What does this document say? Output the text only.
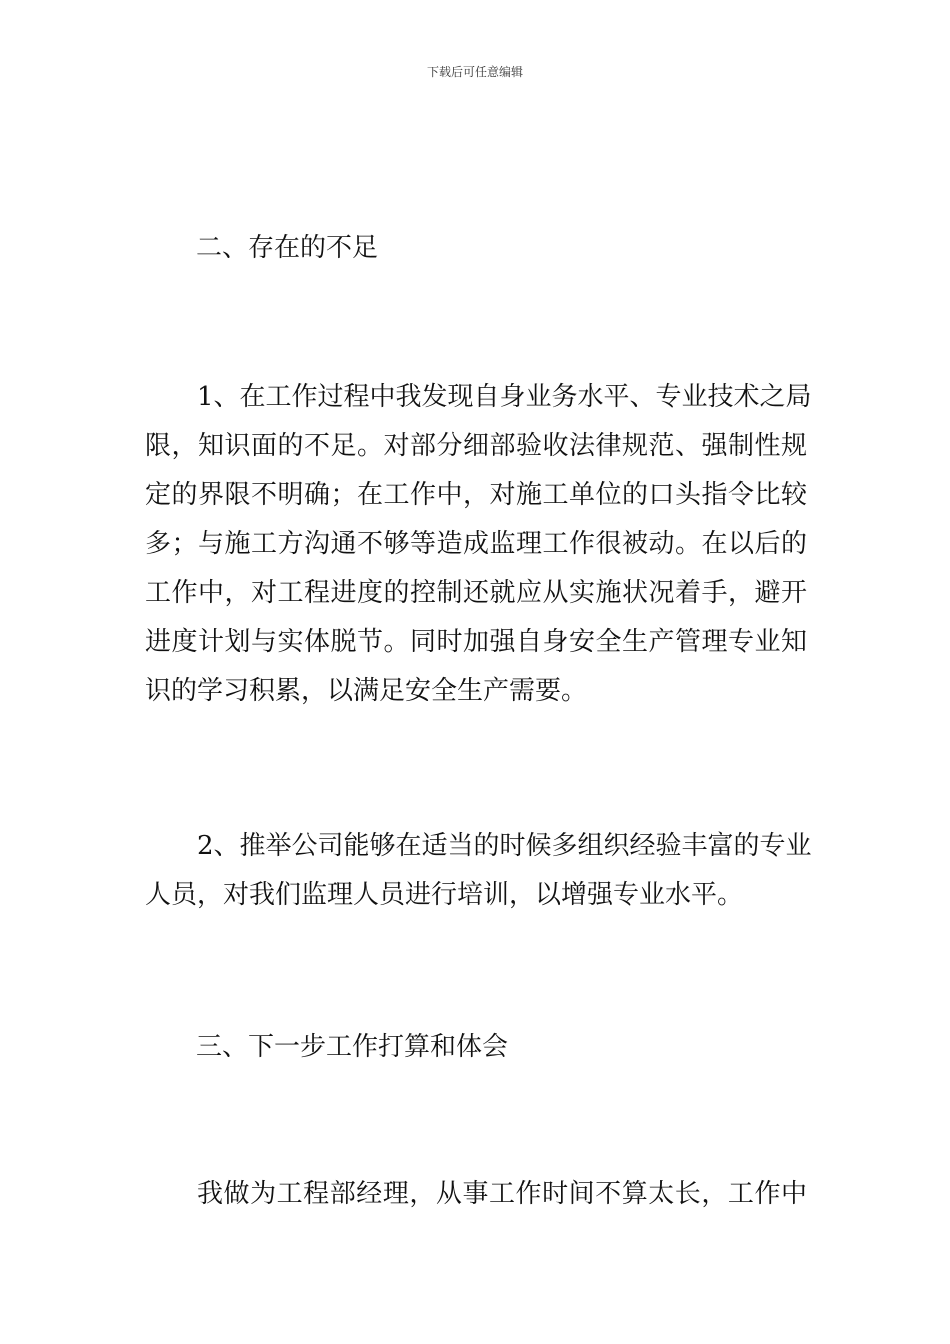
下载后可任意编辑
二、存在的不足
1、在工作过程中我发现自身业务水平、专业技术之局
限，知识面的不足。对部分细部验收法律规范、强制性规
定的界限不明确；在工作中，对施工单位的口头指令比较
多；与施工方沟通不够等造成监理工作很被动。在以后的
工作中，对工程进度的控制还就应从实施状况着手，避开
进度计划与实体脱节。同时加强自身安全生产管理专业知
识的学习积累，以满足安全生产需要。
2、推举公司能够在适当的时候多组织经验丰富的专业
人员，对我们监理人员进行培训，以增强专业水平。
三、下一步工作打算和体会
我做为工程部经理，从事工作时间不算太长，工作中
